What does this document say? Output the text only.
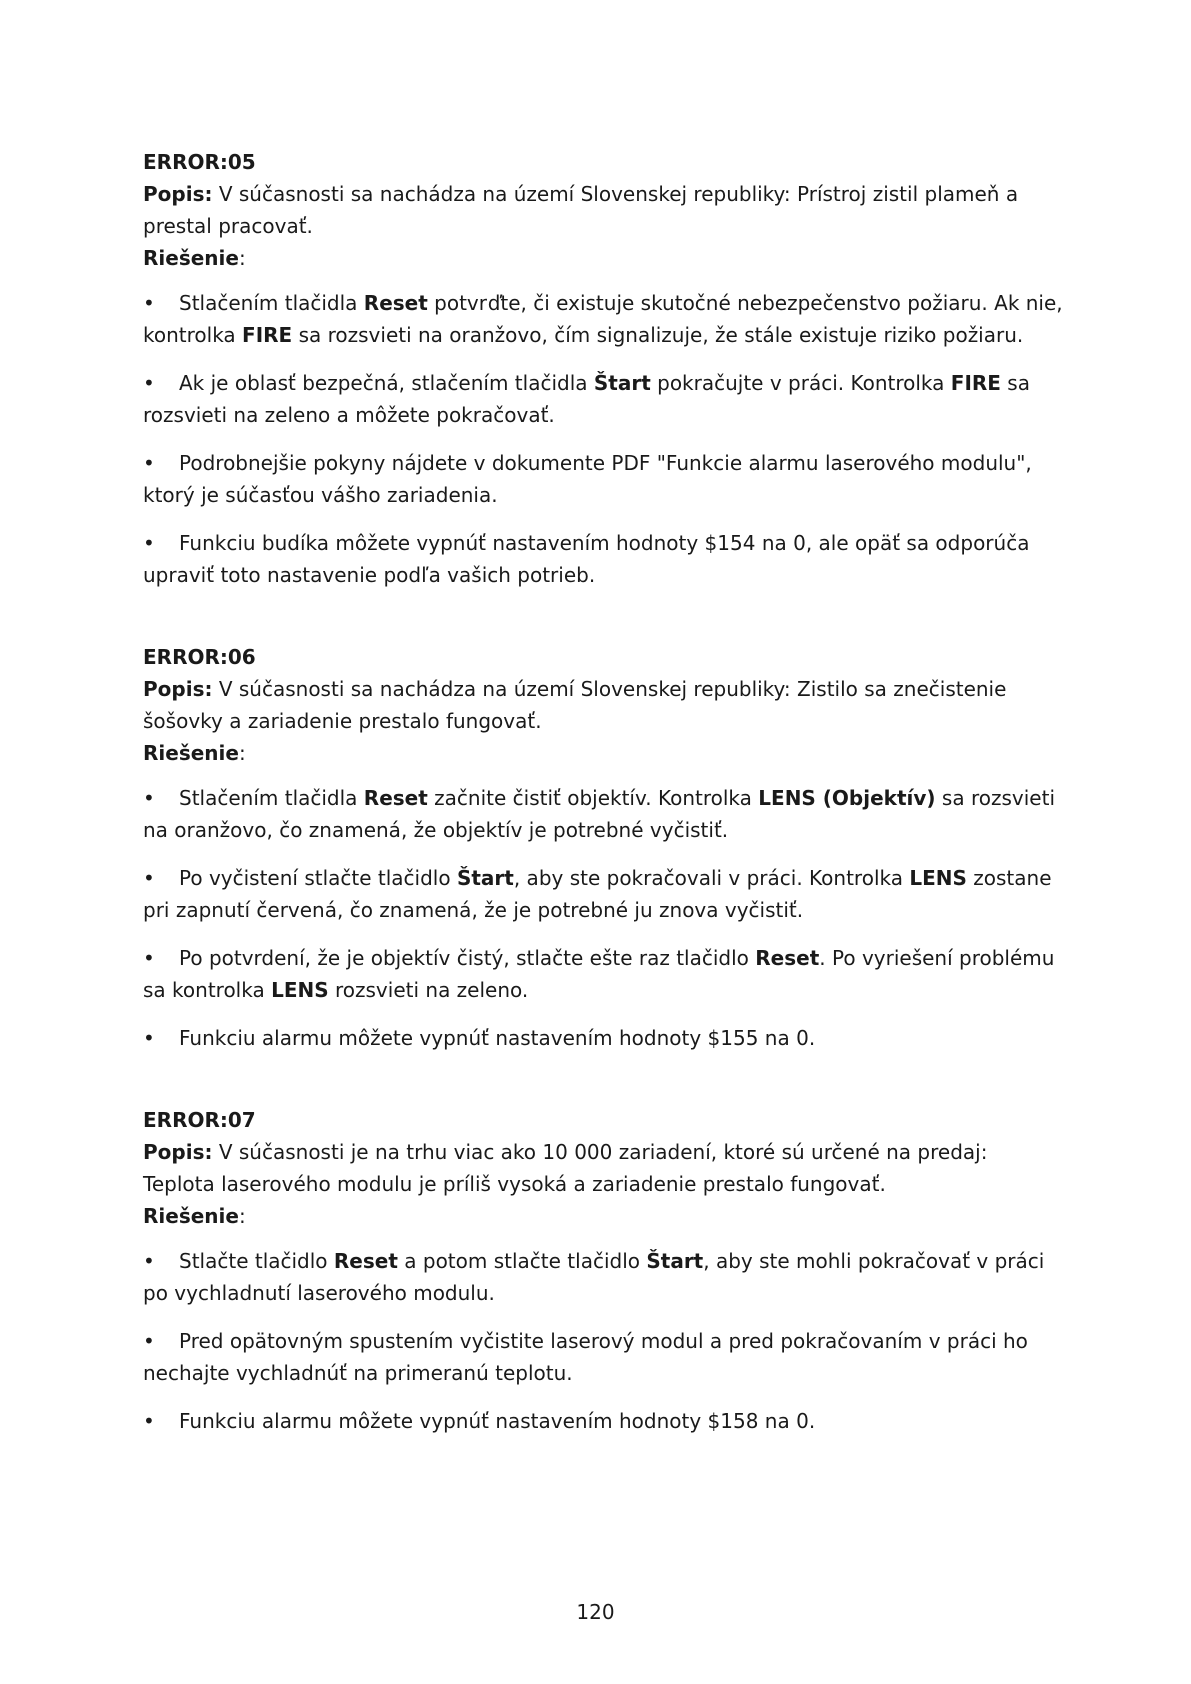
ERROR:05

Popis: V súčasnosti sa nachádza na území Slovenskej republiky: Prístroj zistil plameň a prestal pracovať.

Riešenie:

• Stlačením tlačidla Reset potvrďte, či existuje skutočné nebezpečenstvo požiaru. Ak nie, kontrolka FIRE sa rozsvieti na oranžovo, čím signalizuje, že stále existuje riziko požiaru.

• Ak je oblasť bezpečná, stlačením tlačidla Štart pokračujte v práci. Kontrolka FIRE sa rozsvieti na zeleno a môžete pokračovať.

• Podrobnejšie pokyny nájdete v dokumente PDF "Funkcie alarmu laserového modulu", ktorý je súčasťou vášho zariadenia.

• Funkciu budíka môžete vypnúť nastavením hodnoty $154 na 0, ale opäť sa odporúča upraviť toto nastavenie podľa vašich potrieb.

ERROR:06

Popis: V súčasnosti sa nachádza na území Slovenskej republiky: Zistilo sa znečistenie šošovky a zariadenie prestalo fungovať.

Riešenie:

• Stlačením tlačidla Reset začnite čistiť objektív. Kontrolka LENS (Objektív) sa rozsvieti na oranžovo, čo znamená, že objektív je potrebné vyčistiť.

• Po vyčistení stlačte tlačidlo Štart, aby ste pokračovali v práci. Kontrolka LENS zostane pri zapnutí červená, čo znamená, že je potrebné ju znova vyčistiť.

• Po potvrdení, že je objektív čistý, stlačte ešte raz tlačidlo Reset. Po vyriešení problému sa kontrolka LENS rozsvieti na zeleno.

• Funkciu alarmu môžete vypnúť nastavením hodnoty $155 na 0.

ERROR:07

Popis: V súčasnosti je na trhu viac ako 10 000 zariadení, ktoré sú určené na predaj: Teplota laserového modulu je príliš vysoká a zariadenie prestalo fungovať.

Riešenie:

• Stlačte tlačidlo Reset a potom stlačte tlačidlo Štart, aby ste mohli pokračovať v práci po vychladnutí laserového modulu.

• Pred opätovným spustením vyčistite laserový modul a pred pokračovaním v práci ho nechajte vychladnúť na primeranú teplotu.

• Funkciu alarmu môžete vypnúť nastavením hodnoty $158 na 0.

120
